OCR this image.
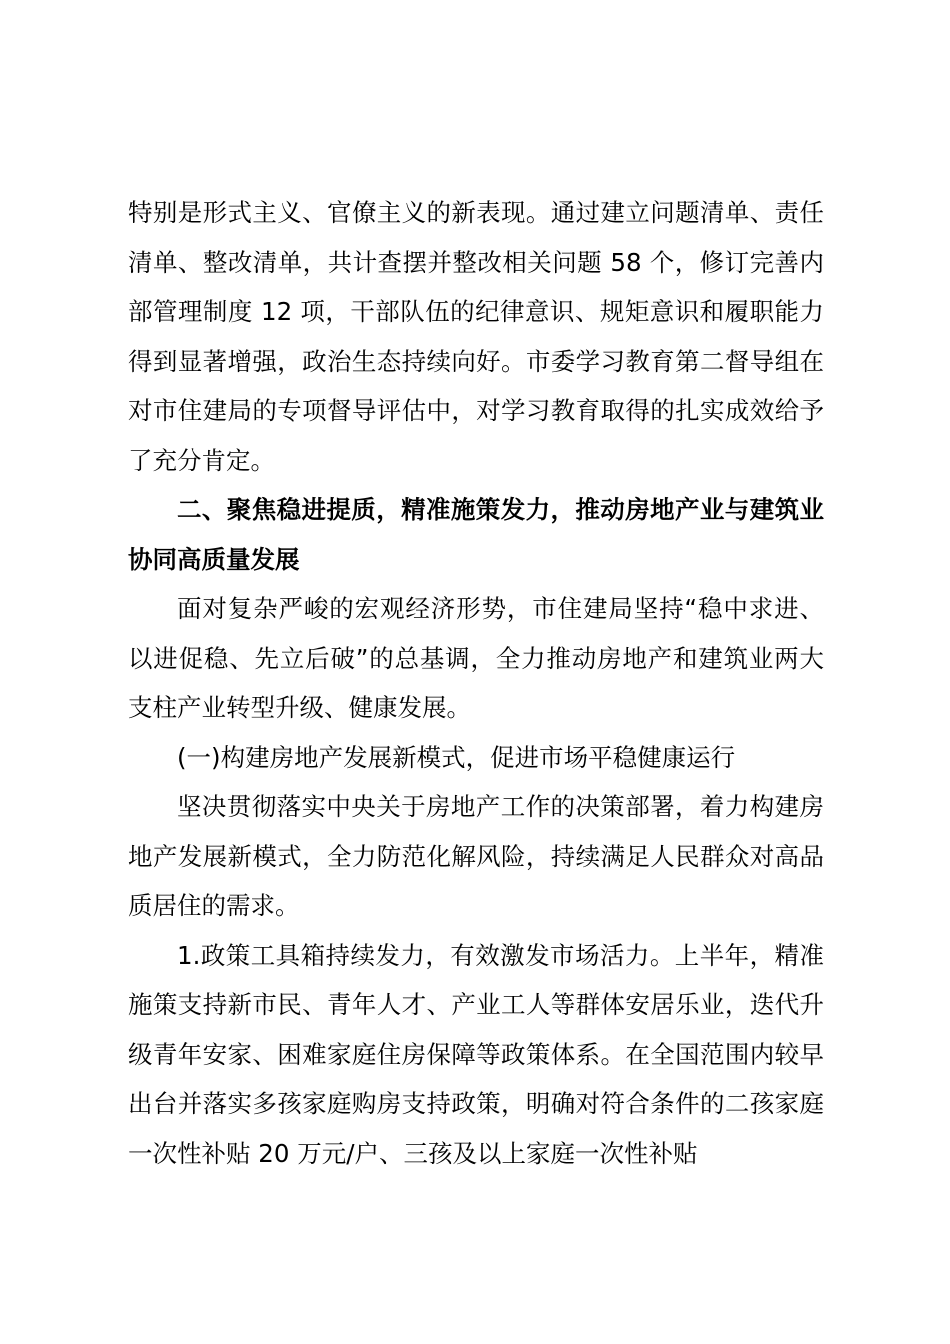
特别是形式主义、官僚主义的新表现。通过建立问题清单、责任清单、整改清单，共计查摆并整改相关问题 58 个，修订完善内部管理制度 12 项，干部队伍的纪律意识、规矩意识和履职能力得到显著增强，政治生态持续向好。市委学习教育第二督导组在对市住建局的专项督导评估中，对学习教育取得的扎实成效给予了充分肯定。

二、聚焦稳进提质，精准施策发力，推动房地产业与建筑业协同高质量发展

面对复杂严峻的宏观经济形势，市住建局坚持“稳中求进、以进促稳、先立后破”的总基调，全力推动房地产和建筑业两大支柱产业转型升级、健康发展。

(一)构建房地产发展新模式，促进市场平稳健康运行

坚决贯彻落实中央关于房地产工作的决策部署，着力构建房地产发展新模式，全力防范化解风险，持续满足人民群众对高品质居住的需求。

1.政策工具箱持续发力，有效激发市场活力。上半年，精准施策支持新市民、青年人才、产业工人等群体安居乐业，迭代升级青年安家、困难家庭住房保障等政策体系。在全国范围内较早出台并落实多孩家庭购房支持政策，明确对符合条件的二孩家庭一次性补贴 20 万元/户、三孩及以上家庭一次性补贴
